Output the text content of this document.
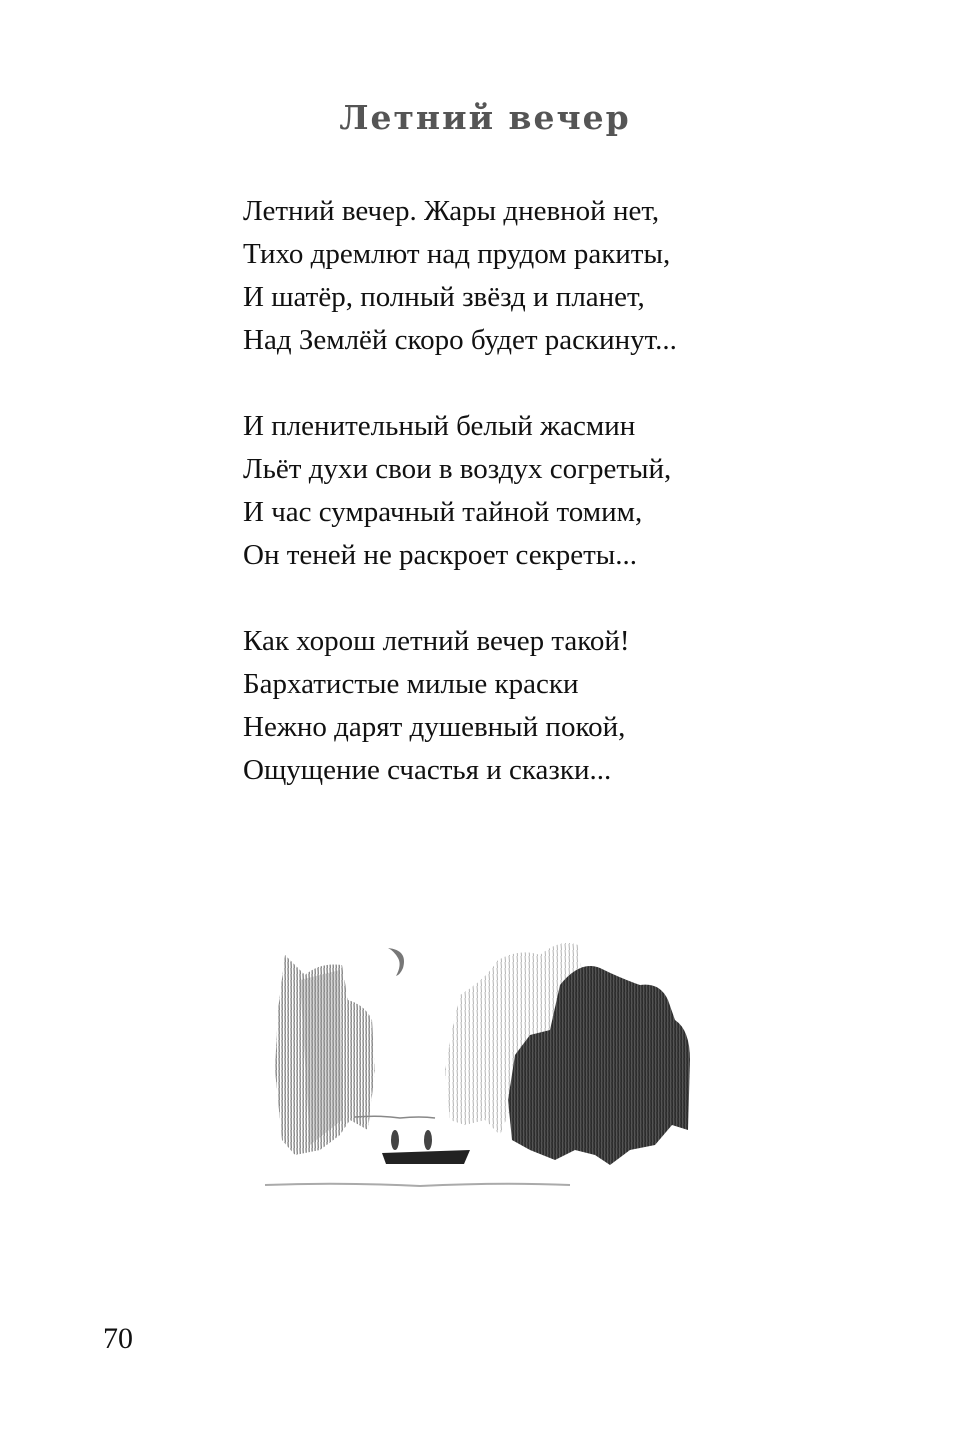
Летний вечер
Летний вечер. Жары дневной нет,
Тихо дремлют над прудом ракиты,
И шатёр, полный звёзд и планет,
Над Землёй скоро будет раскинут...
И пленительный белый жасмин
Льёт духи свои в воздух согретый,
И час сумрачный тайной томим,
Он теней не раскроет секреты...
Как хорош летний вечер такой!
Бархатистые милые краски
Нежно дарят душевный покой,
Ощущение счастья и сказки...
70
